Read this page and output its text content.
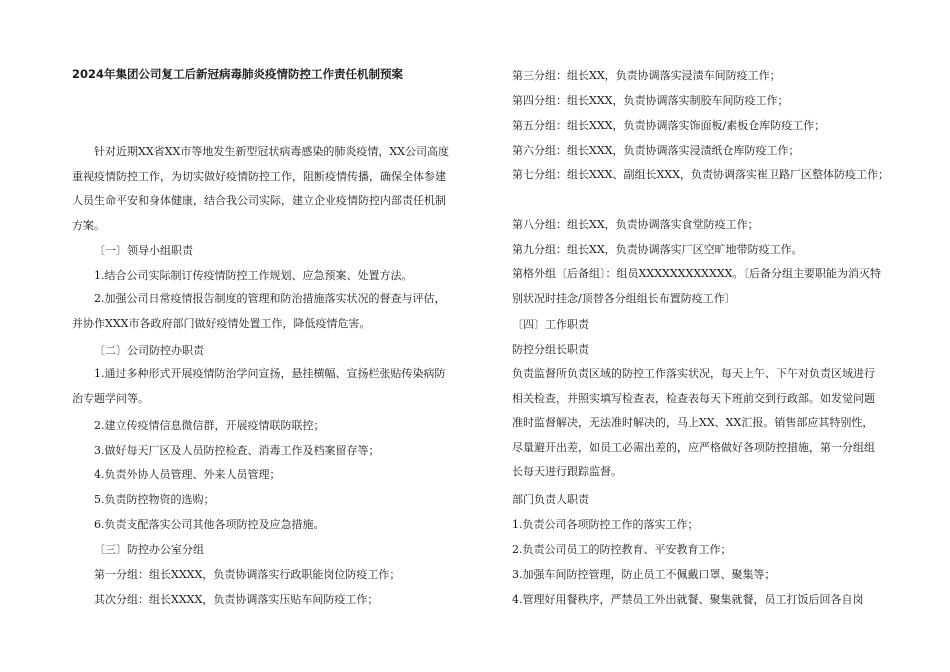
2024年集团公司复工后新冠病毒肺炎疫情防控工作责任机制预案

针对近期XX省XX市等地发生新型冠状病毒感染的肺炎疫情，XX公司高度重视疫情防控工作，为切实做好疫情防控工作，阻断疫情传播，确保全体参建人员生命平安和身体健康，结合我公司实际，建立企业疫情防控内部责任机制方案。

〔一〕领导小组职责

1.结合公司实际制订传疫情防控工作规划、应急预案、处置方法。

2.加强公司日常疫情报告制度的管理和防治措施落实状况的督查与评估，并协作XXX市各政府部门做好疫情处置工作，降低疫情危害。

〔二〕公司防控办职责

1.通过多种形式开展疫情防治学问宣扬，悬挂横幅、宣扬栏张贴传染病防治专题学问等。

2.建立传疫情信息微信群，开展疫情联防联控；

3.做好每天厂区及人员防控检查、消毒工作及档案留存等；

4.负责外协人员管理、外来人员管理；

5.负责防控物资的选购；

6.负责支配落实公司其他各项防控及应急措施。

〔三〕防控办公室分组

第一分组：组长XXXX，负责协调落实行政职能岗位防疫工作；

其次分组：组长XXXX，负责协调落实压贴车间防疫工作；

第三分组：组长XX，负责协调落实浸渍车间防疫工作；

第四分组：组长XXX，负责协调落实制胶车间防疫工作；

第五分组：组长XXX，负责协调落实饰面板/素板仓库防疫工作；

第六分组：组长XXX，负责协调落实浸渍纸仓库防疫工作；

第七分组：组长XXX、副组长XXX，负责协调落实崔卫路厂区整体防疫工作；

第八分组：组长XX，负责协调落实食堂防疫工作；

第九分组：组长XX，负责协调落实厂区空旷地带防疫工作。

第格外组〔后备组〕：组员XXXXXXXXXXXX。〔后备分组主要职能为消灭特别状况时挂念/顶替各分组组长布置防疫工作〕

〔四〕工作职责

防控分组长职责

负责监督所负责区域的防控工作落实状况，每天上午、下午对负责区域进行相关检查，并照实填写检查表，检查表每天下班前交到行政部。如发觉问题准时监督解决，无法准时解决的，马上XX、XX汇报。销售部应其特别性，尽量避开出差，如员工必需出差的，应严格做好各项防控措施，第一分组组长每天进行跟踪监督。

部门负责人职责

1.负责公司各项防控工作的落实工作；

2.负责公司员工的防控教育、平安教育工作；

3.加强车间防控管理，防止员工不佩戴口罩、聚集等；

4.管理好用餐秩序，严禁员工外出就餐、聚集就餐，员工打饭后回各自岗
